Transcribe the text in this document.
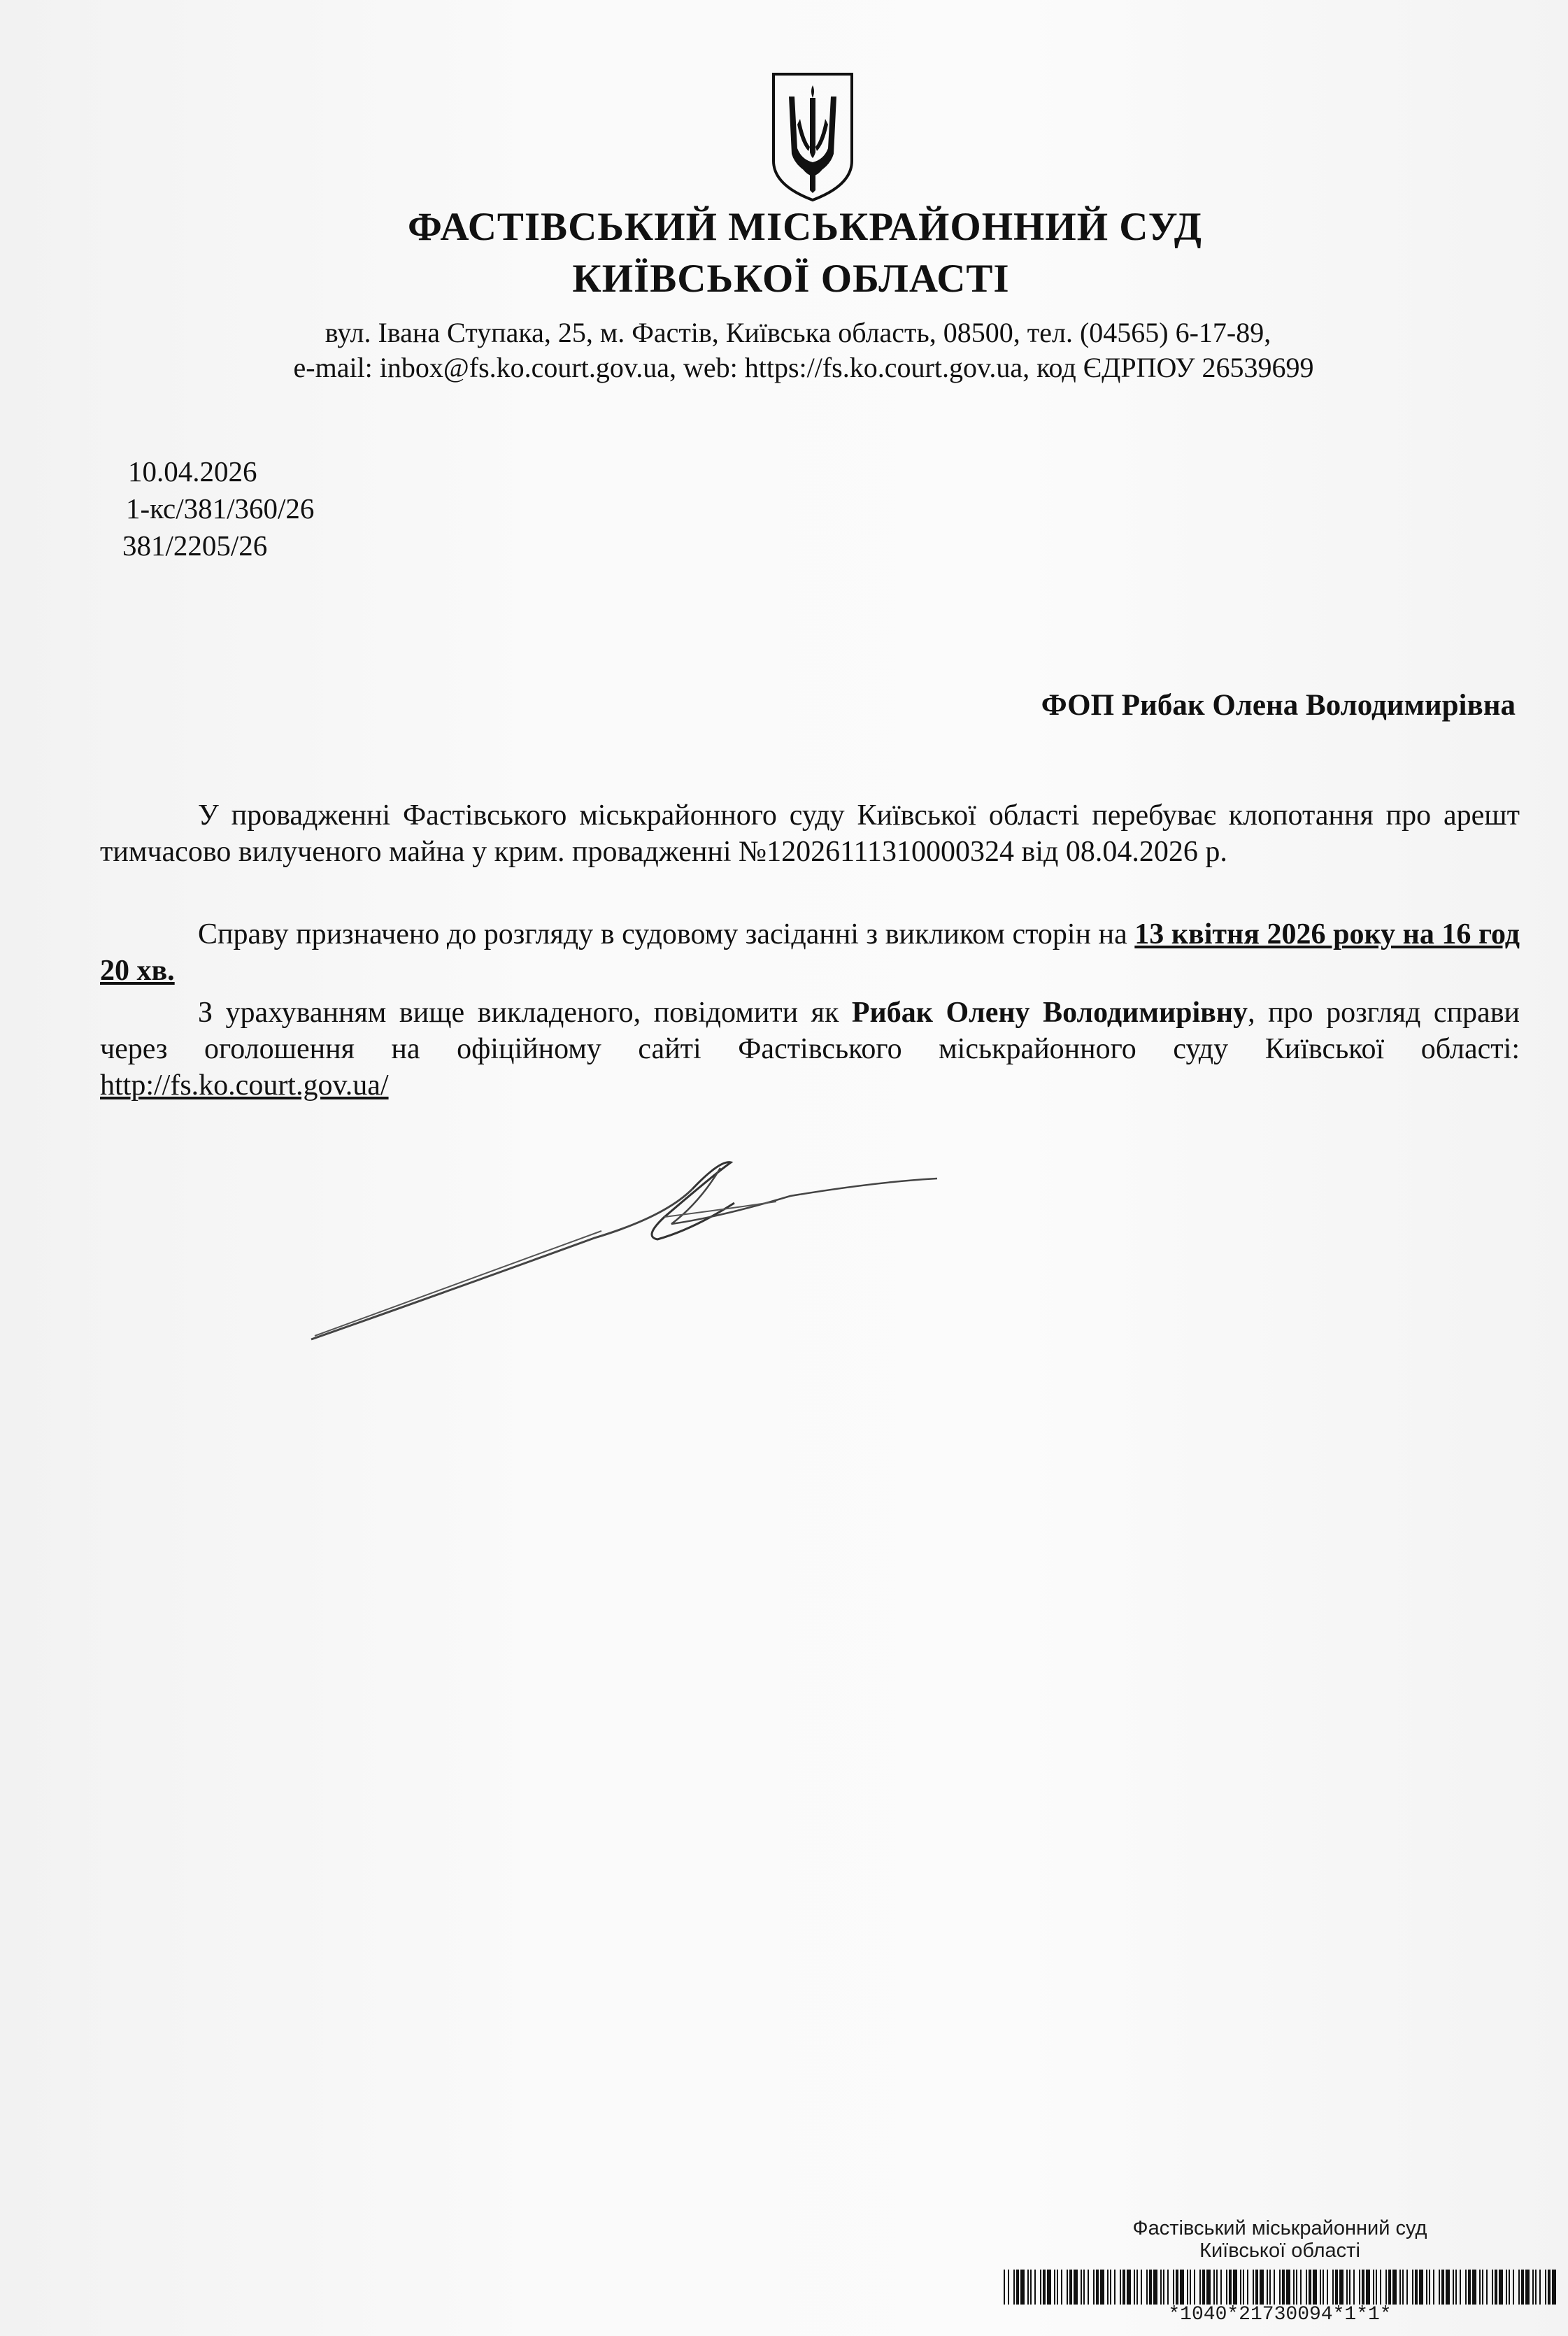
ФАСТІВСЬКИЙ МІСЬКРАЙОННИЙ СУД
КИЇВСЬКОЇ ОБЛАСТІ
вул. Івана Ступака, 25, м. Фастів, Київська область, 08500, тел. (04565) 6-17-89,
e-mail: inbox@fs.ko.court.gov.ua, web: https://fs.ko.court.gov.ua, код ЄДРПОУ 26539699
10.04.2026
1-кс/381/360/26
381/2205/26
ФОП Рибак Олена Володимирівна
У провадженні Фастівського міськрайонного суду Київської області перебуває клопотання про арешт тимчасово вилученого майна у крим. провадженні №12026111310000324 від 08.04.2026 р.
Справу призначено до розгляду в судовому засіданні з викликом сторін на 13 квітня 2026 року на 16 год 20 хв.
З урахуванням вище викладеного, повідомити як Рибак Олену Володимирівну, про розгляд справи через оголошення на офіційному сайті Фастівського міськрайонного суду Київської області: http://fs.ko.court.gov.ua/
Фастівський міськрайонний суд
Київської області
*1040*21730094*1*1*
